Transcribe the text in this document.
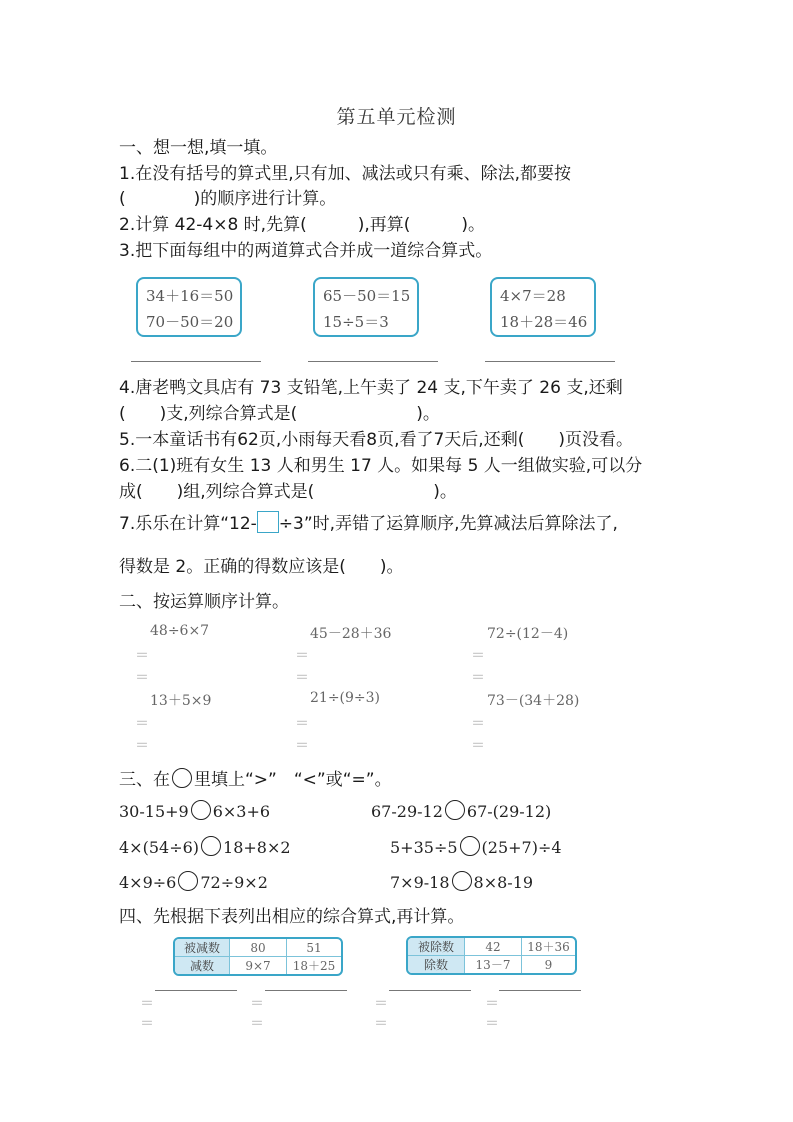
第五单元检测
一、想一想,填一填。
1.在没有括号的算式里,只有加、减法或只有乘、除法,都要按
(　　　　)的顺序进行计算。
2.计算 42-4×8 时,先算(　　　),再算(　　　)。
3.把下面每组中的两道算式合并成一道综合算式。
34＋16＝50
70－50＝20
65－50＝15
15÷5＝3
4×7＝28
18＋28＝46
4.唐老鸭文具店有 73 支铅笔,上午卖了 24 支,下午卖了 26 支,还剩
(　　)支,列综合算式是(　　　　　　　)。
5.一本童话书有62页,小雨每天看8页,看了7天后,还剩(　　)页没看。
6.二(1)班有女生 13 人和男生 17 人。如果每 5 人一组做实验,可以分
成(　　)组,列综合算式是(　　　　　　　)。
7.乐乐在计算“12- ÷3”时,弄错了运算顺序,先算减法后算除法了,
得数是 2。正确的得数应该是(　　)。
二、按运算顺序计算。
48÷6×7	45－28＋36	72÷(12－4)
＝	＝	＝
＝	＝	＝
13＋5×9	21÷(9÷3)	73－(34＋28)
＝	＝	＝
＝	＝	＝
三、在 里填上“>”　“<”或“=”。
30-15+9 6×3+6	67-29-12 67-(29-12)
4×(54÷6) 18+8×2	5+35÷5 (25+7)÷4
4×9÷6 72÷9×2	7×9-18 8×8-19
四、先根据下表列出相应的综合算式,再计算。
被减数	80	51
减数	9×7	18＋25
被除数	42	18＋36
除数	13－7	9
＝	＝	＝	＝
＝	＝	＝	＝
